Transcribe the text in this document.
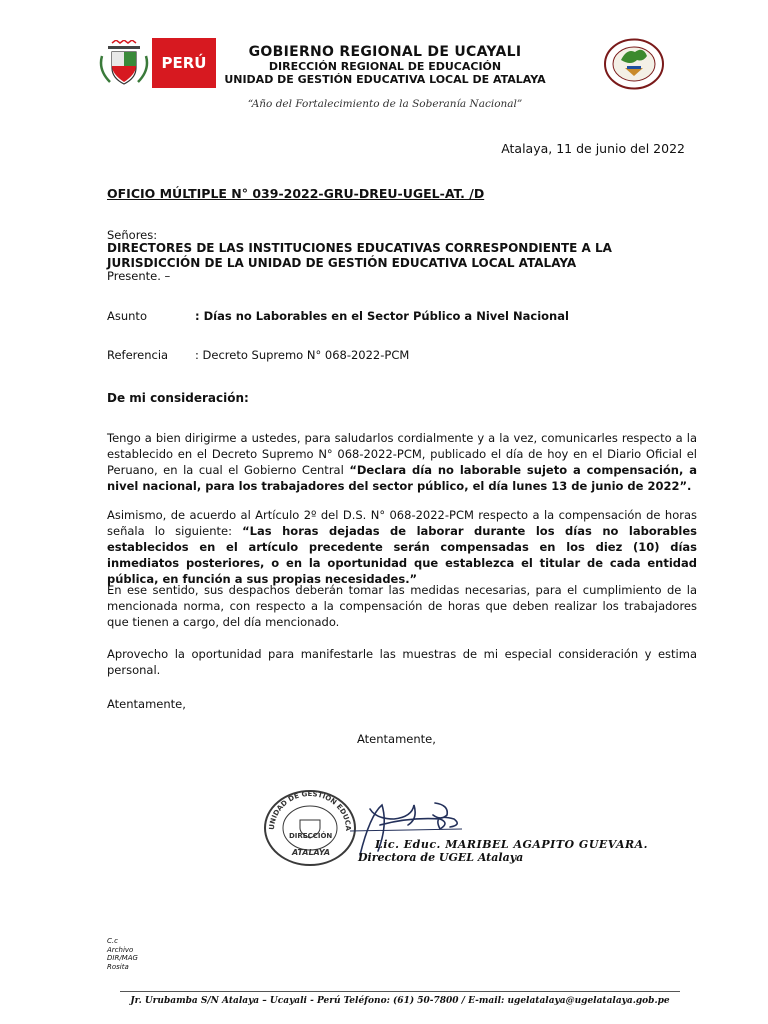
PERÚ
GOBIERNO REGIONAL DE UCAYALI
DIRECCIÓN REGIONAL DE EDUCACIÓN
UNIDAD DE GESTIÓN EDUCATIVA LOCAL DE ATALAYA
“Año del Fortalecimiento de la Soberanía Nacional”
Atalaya, 11 de junio del 2022
OFICIO MÚLTIPLE N° 039-2022-GRU-DREU-UGEL-AT. /D
Señores:
DIRECTORES DE LAS INSTITUCIONES EDUCATIVAS CORRESPONDIENTE A LA JURISDICCIÓN DE LA UNIDAD DE GESTIÓN EDUCATIVA LOCAL ATALAYA
Presente. –
Asunto	: Días no Laborables en el Sector Público a Nivel Nacional
Referencia : Decreto Supremo N° 068-2022-PCM
De mi consideración:
Tengo a bien dirigirme a ustedes, para saludarlos cordialmente y a la vez, comunicarles respecto a la establecido en el Decreto Supremo N° 068-2022-PCM, publicado el día de hoy en el Diario Oficial el Peruano, en la cual el Gobierno Central “Declara día no laborable sujeto a compensación, a nivel nacional, para los trabajadores del sector público, el día lunes 13 de junio de 2022”.
Asimismo, de acuerdo al Artículo 2º del D.S. N° 068-2022-PCM respecto a la compensación de horas señala lo siguiente: “Las horas dejadas de laborar durante los días no laborables establecidos en el artículo precedente serán compensadas en los diez (10) días inmediatos posteriores, o en la oportunidad que establezca el titular de cada entidad pública, en función a sus propias necesidades.”
En ese sentido, sus despachos deberán tomar las medidas necesarias, para el cumplimiento de la mencionada norma, con respecto a la compensación de horas que deben realizar los trabajadores que tienen a cargo, del día mencionado.
Aprovecho la oportunidad para manifestarle las muestras de mi especial consideración y estima personal.
Atentamente,
Atentamente,
UNIDAD DE GESTIÓN EDUCA
DIRECCIÓN
ATALAYA
Lic. Educ. MARIBEL AGAPITO GUEVARA.
Directora de UGEL Atalaya
C.c
Archivo
DIR/MAG
Rosita
Jr. Urubamba S/N Atalaya – Ucayali - Perú Teléfono: (61) 50-7800 / E-mail: ugelatalaya@ugelatalaya.gob.pe
